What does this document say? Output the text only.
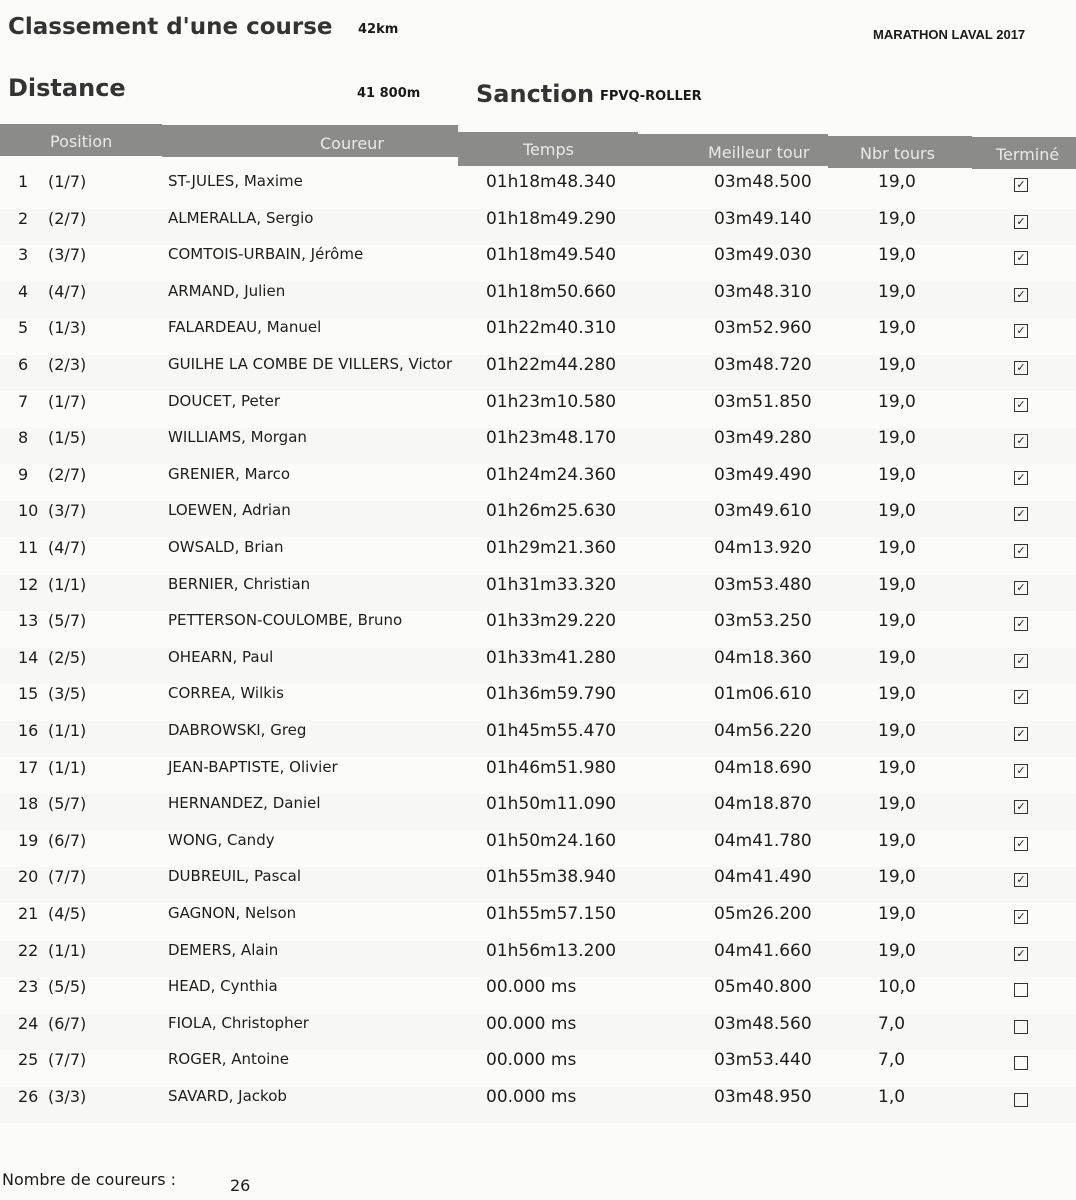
Classement d'une course 42km	MARATHON LAVAL 2017
Distance	41 800m Sanction FPVQ-ROLLER
Position	Coureur	Temps	Meilleur tour	Nbr tours	Terminé
1 (1/7)	ST-JULES, Maxime	01h18m48.340	03m48.500	19,0	✓
2 (2/7)	ALMERALLA, Sergio	01h18m49.290	03m49.140	19,0	✓
3 (3/7)	COMTOIS-URBAIN, Jérôme	01h18m49.540	03m49.030	19,0	✓
4 (4/7)	ARMAND, Julien	01h18m50.660	03m48.310	19,0	✓
5 (1/3)	FALARDEAU, Manuel	01h22m40.310	03m52.960	19,0	✓
6 (2/3)	GUILHE LA COMBE DE VILLERS, Victor 01h22m44.280	03m48.720	19,0	✓
7 (1/7)	DOUCET, Peter	01h23m10.580	03m51.850	19,0	✓
8 (1/5)	WILLIAMS, Morgan	01h23m48.170	03m49.280	19,0	✓
9 (2/7)	GRENIER, Marco	01h24m24.360	03m49.490	19,0	✓
10 (3/7)	LOEWEN, Adrian	01h26m25.630	03m49.610	19,0	✓
11 (4/7)	OWSALD, Brian	01h29m21.360	04m13.920	19,0	✓
12 (1/1)	BERNIER, Christian	01h31m33.320	03m53.480	19,0	✓
13 (5/7)	PETTERSON-COULOMBE, Bruno	01h33m29.220	03m53.250	19,0	✓
14 (2/5)	OHEARN, Paul	01h33m41.280	04m18.360	19,0	✓
15 (3/5)	CORREA, Wilkis	01h36m59.790	01m06.610	19,0	✓
16 (1/1)	DABROWSKI, Greg	01h45m55.470	04m56.220	19,0	✓
17 (1/1)	JEAN-BAPTISTE, Olivier	01h46m51.980	04m18.690	19,0	✓
18 (5/7)	HERNANDEZ, Daniel	01h50m11.090	04m18.870	19,0	✓
19 (6/7)	WONG, Candy	01h50m24.160	04m41.780	19,0	✓
20 (7/7)	DUBREUIL, Pascal	01h55m38.940	04m41.490	19,0	✓
21 (4/5)	GAGNON, Nelson	01h55m57.150	05m26.200	19,0	✓
22 (1/1)	DEMERS, Alain	01h56m13.200	04m41.660	19,0	✓
23 (5/5)	HEAD, Cynthia	00.000 ms	05m40.800	10,0
24 (6/7)	FIOLA, Christopher	00.000 ms	03m48.560	7,0
25 (7/7)	ROGER, Antoine	00.000 ms	03m53.440	7,0
26 (3/3)	SAVARD, Jackob	00.000 ms	03m48.950	1,0
Nombre de coureurs :	26
